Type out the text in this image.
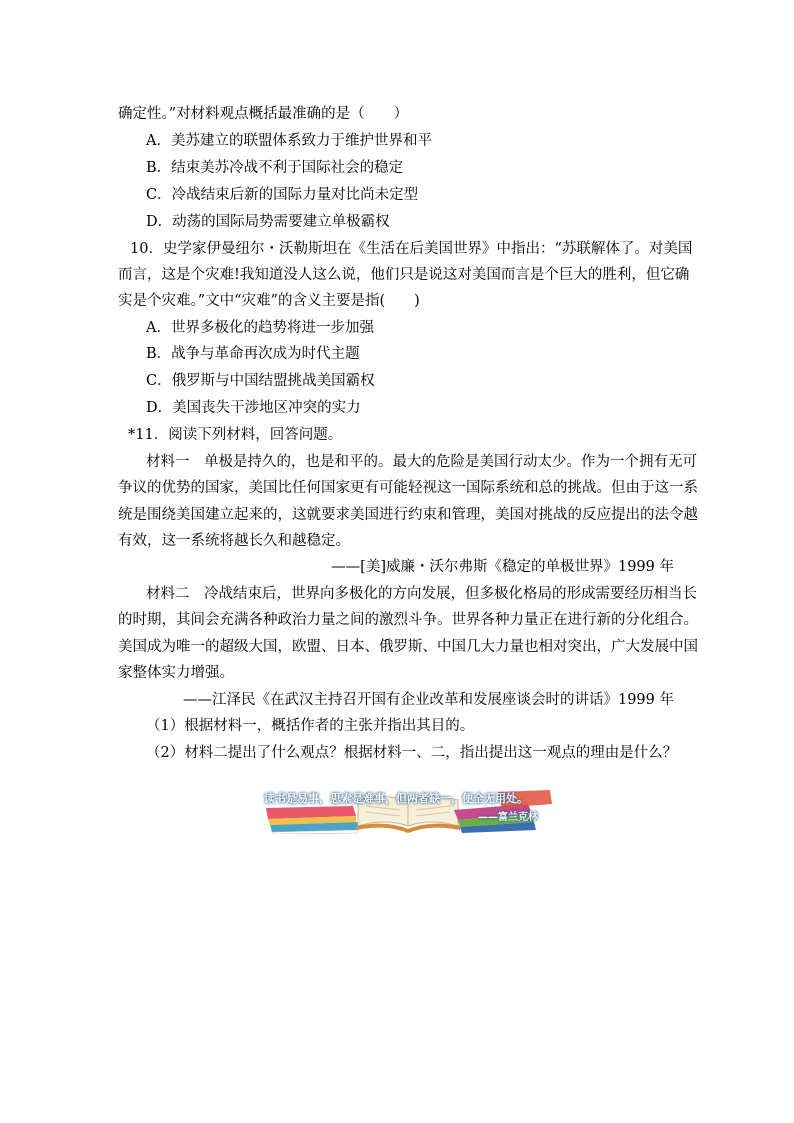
确定性。”对材料观点概括最准确的是（　　）
A．美苏建立的联盟体系致力于维护世界和平
B．结束美苏冷战不利于国际社会的稳定
C．冷战结束后新的国际力量对比尚未定型
D．动荡的国际局势需要建立单极霸权
10．史学家伊曼纽尔・沃勒斯坦在《生活在后美国世界》中指出：“苏联解体了。对美国
而言，这是个灾难!我知道没人这么说，他们只是说这对美国而言是个巨大的胜利，但它确
实是个灾难。”文中“灾难”的含义主要是指(　　)
A．世界多极化的趋势将进一步加强
B．战争与革命再次成为时代主题
C．俄罗斯与中国结盟挑战美国霸权
D．美国丧失干涉地区冲突的实力
*11．阅读下列材料，回答问题。
材料一　单极是持久的，也是和平的。最大的危险是美国行动太少。作为一个拥有无可
争议的优势的国家，美国比任何国家更有可能轻视这一国际系统和总的挑战。但由于这一系
统是围绕美国建立起来的，这就要求美国进行约束和管理，美国对挑战的反应提出的法令越
有效，这一系统将越长久和越稳定。
——[美]威廉・沃尔弗斯《稳定的单极世界》1999 年
材料二　冷战结束后，世界向多极化的方向发展，但多极化格局的形成需要经历相当长
的时期，其间会充满各种政治力量之间的激烈斗争。世界各种力量正在进行新的分化组合。
美国成为唯一的超级大国，欧盟、日本、俄罗斯、中国几大力量也相对突出，广大发展中国
家整体实力增强。
——江泽民《在武汉主持召开国有企业改革和发展座谈会时的讲话》1999 年
（1）根据材料一，概括作者的主张并指出其目的。
（2）材料二提出了什么观点？根据材料一、二，指出提出这一观点的理由是什么？
读书是易事，思索是难事，但两者缺一，便全无用处。
——富兰克林
